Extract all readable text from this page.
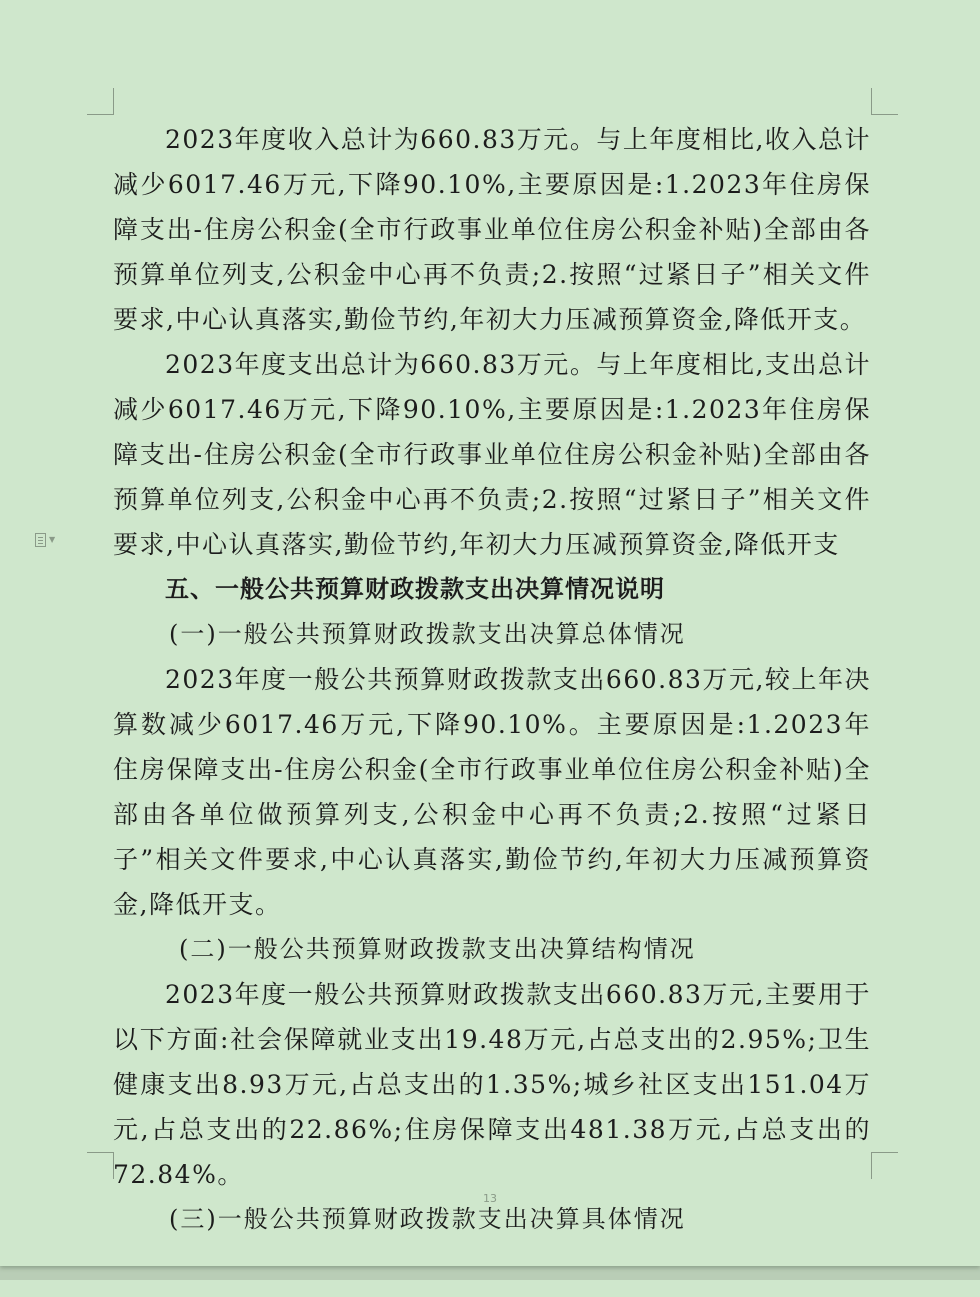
▼

2023年度收入总计为660.83万元。与上年度相比,收入总计减少6017.46万元,下降90.10%,主要原因是:1.2023年住房保障支出-住房公积金(全市行政事业单位住房公积金补贴)全部由各预算单位列支,公积金中心再不负责;2.按照“过紧日子”相关文件要求,中心认真落实,勤俭节约,年初大力压减预算资金,降低开支。

2023年度支出总计为660.83万元。与上年度相比,支出总计减少6017.46万元,下降90.10%,主要原因是:1.2023年住房保障支出-住房公积金(全市行政事业单位住房公积金补贴)全部由各预算单位列支,公积金中心再不负责;2.按照“过紧日子”相关文件要求,中心认真落实,勤俭节约,年初大力压减预算资金,降低开支

五、一般公共预算财政拨款支出决算情况说明

(一)一般公共预算财政拨款支出决算总体情况

2023年度一般公共预算财政拨款支出660.83万元,较上年决算数减少6017.46万元,下降90.10%。主要原因是:1.2023年住房保障支出-住房公积金(全市行政事业单位住房公积金补贴)全部由各单位做预算列支,公积金中心再不负责;2.按照“过紧日子”相关文件要求,中心认真落实,勤俭节约,年初大力压减预算资金,降低开支。

(二)一般公共预算财政拨款支出决算结构情况

2023年度一般公共预算财政拨款支出660.83万元,主要用于以下方面:社会保障就业支出19.48万元,占总支出的2.95%;卫生健康支出8.93万元,占总支出的1.35%;城乡社区支出151.04万元,占总支出的22.86%;住房保障支出481.38万元,占总支出的72.84%。

(三)一般公共预算财政拨款支出决算具体情况

13
